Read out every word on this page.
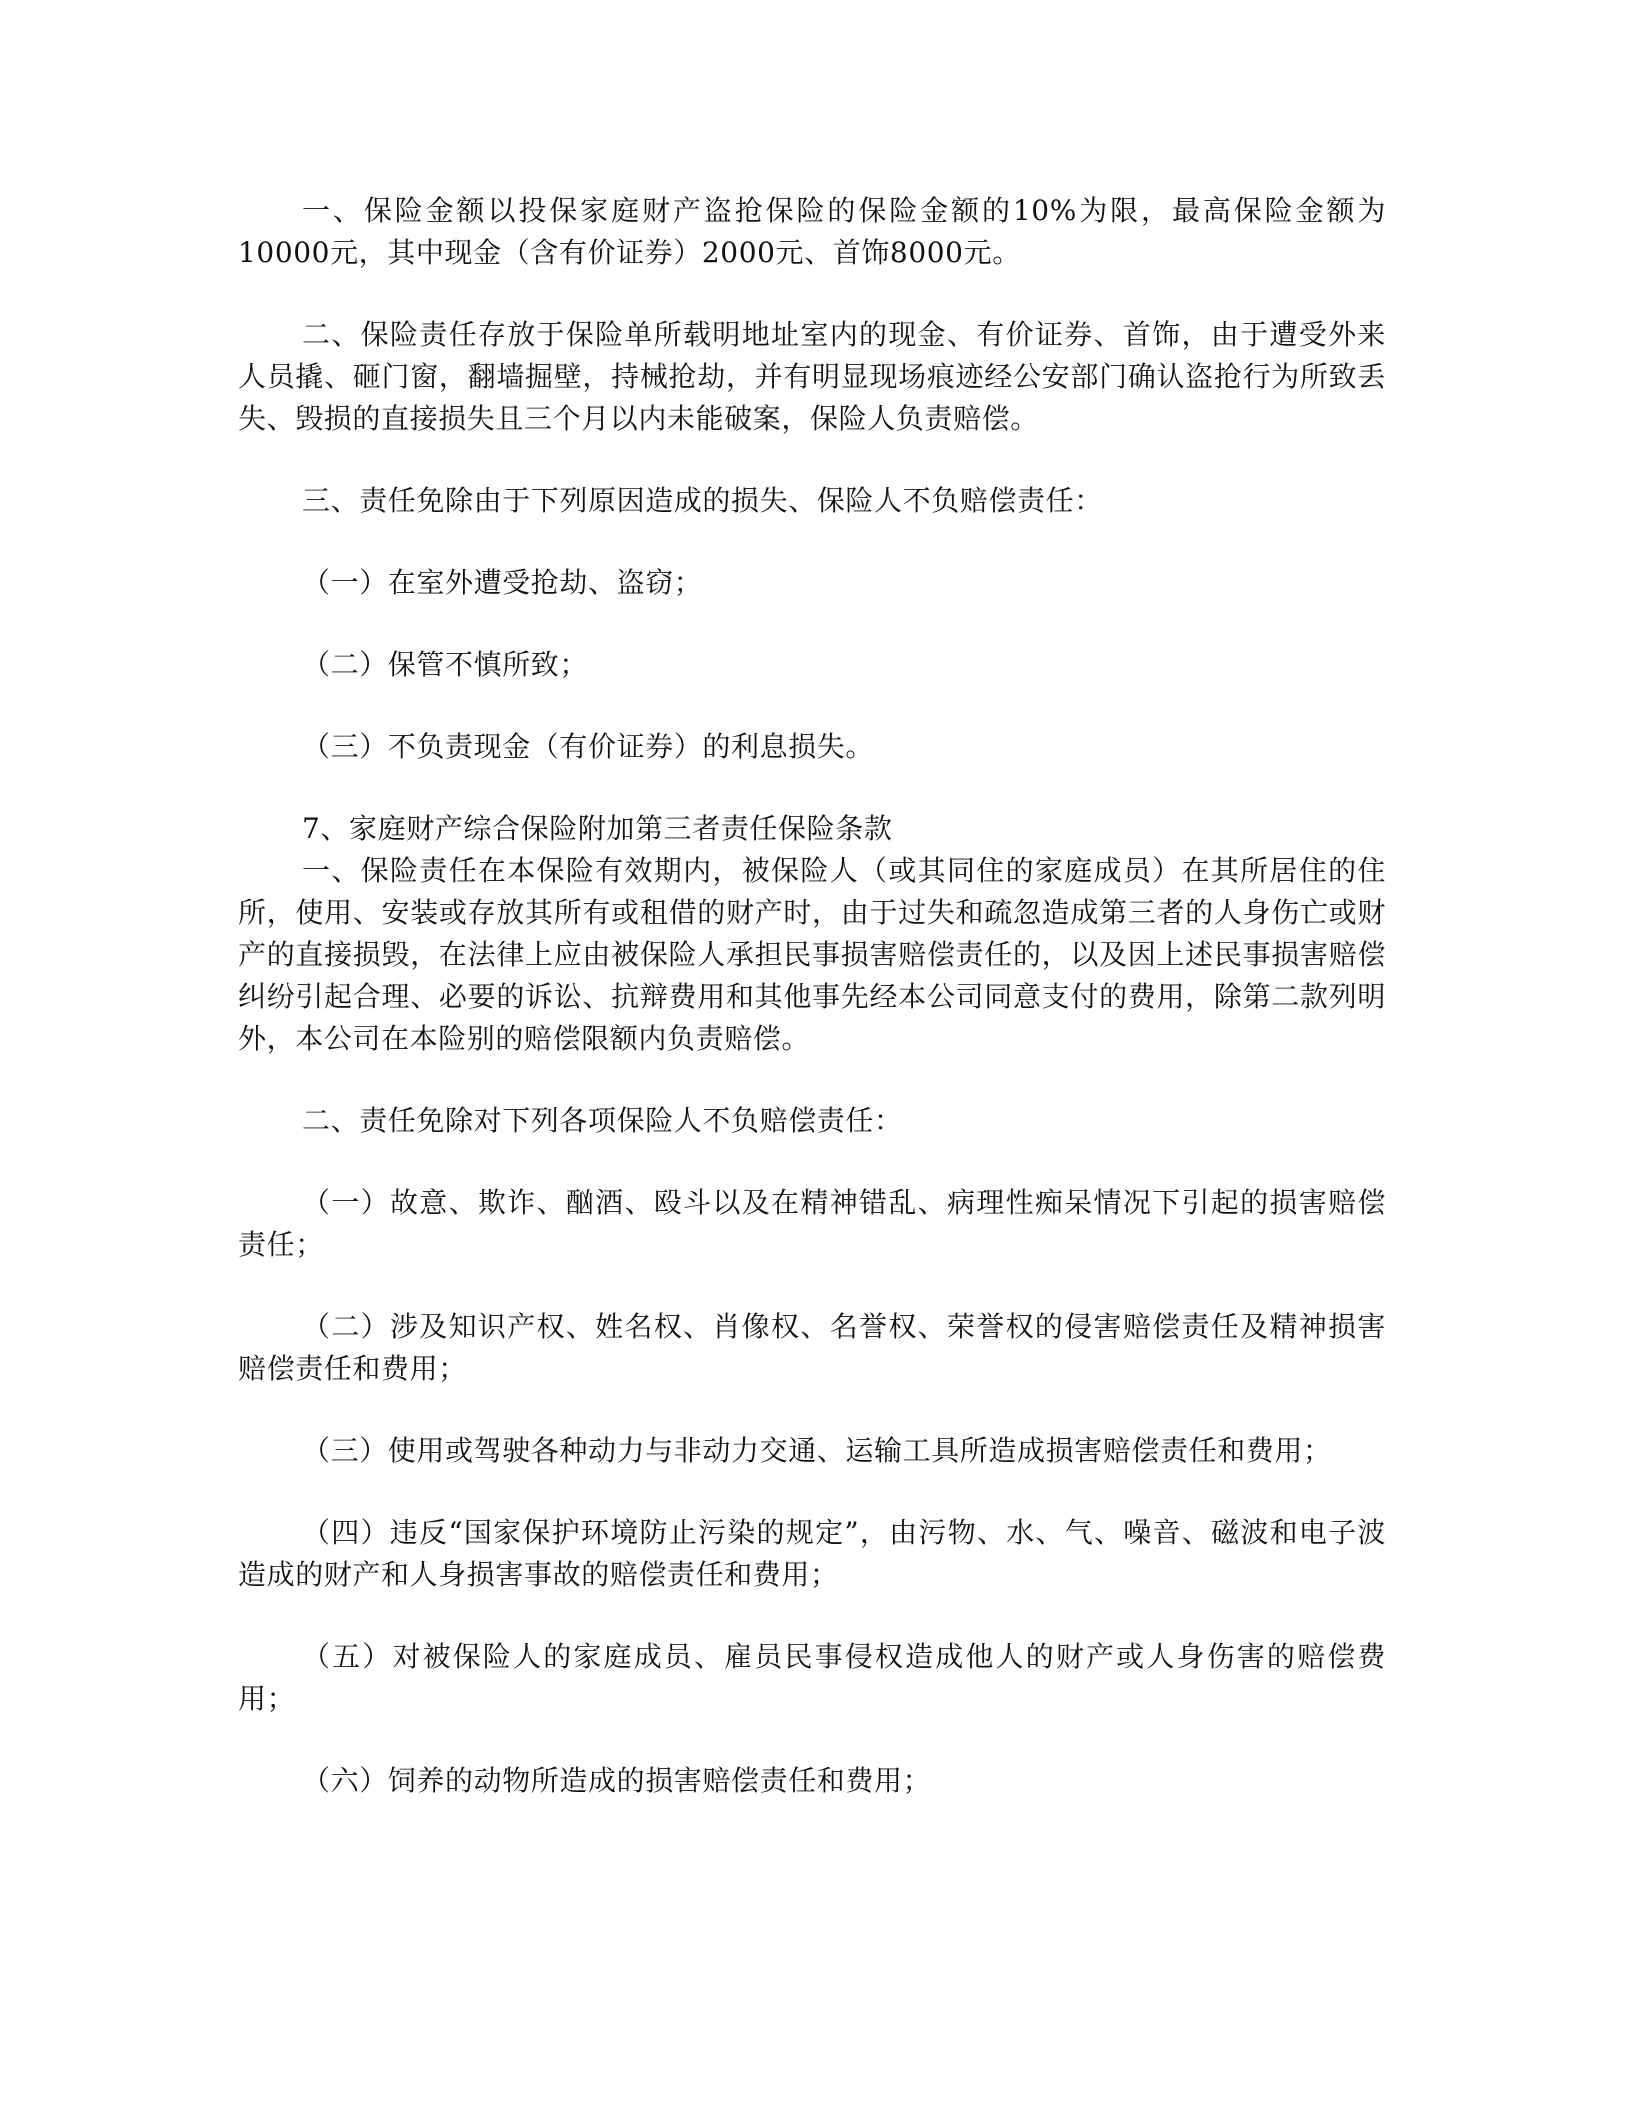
一、保险金额以投保家庭财产盗抢保险的保险金额的10%为限，最高保险金额为10000元，其中现金（含有价证券）2000元、首饰8000元。

二、保险责任存放于保险单所载明地址室内的现金、有价证券、首饰，由于遭受外来人员撬、砸门窗，翻墙掘壁，持械抢劫，并有明显现场痕迹经公安部门确认盗抢行为所致丢失、毁损的直接损失且三个月以内未能破案，保险人负责赔偿。

三、责任免除由于下列原因造成的损失、保险人不负赔偿责任：

（一）在室外遭受抢劫、盗窃；

（二）保管不慎所致；

（三）不负责现金（有价证券）的利息损失。

7、家庭财产综合保险附加第三者责任保险条款

一、保险责任在本保险有效期内，被保险人（或其同住的家庭成员）在其所居住的住所，使用、安装或存放其所有或租借的财产时，由于过失和疏忽造成第三者的人身伤亡或财产的直接损毁，在法律上应由被保险人承担民事损害赔偿责任的，以及因上述民事损害赔偿纠纷引起合理、必要的诉讼、抗辩费用和其他事先经本公司同意支付的费用，除第二款列明外，本公司在本险别的赔偿限额内负责赔偿。

二、责任免除对下列各项保险人不负赔偿责任：

（一）故意、欺诈、酗酒、殴斗以及在精神错乱、病理性痴呆情况下引起的损害赔偿责任；

（二）涉及知识产权、姓名权、肖像权、名誉权、荣誉权的侵害赔偿责任及精神损害赔偿责任和费用；

（三）使用或驾驶各种动力与非动力交通、运输工具所造成损害赔偿责任和费用；

（四）违反“国家保护环境防止污染的规定”，由污物、水、气、噪音、磁波和电子波造成的财产和人身损害事故的赔偿责任和费用；

（五）对被保险人的家庭成员、雇员民事侵权造成他人的财产或人身伤害的赔偿费用；

（六）饲养的动物所造成的损害赔偿责任和费用；
